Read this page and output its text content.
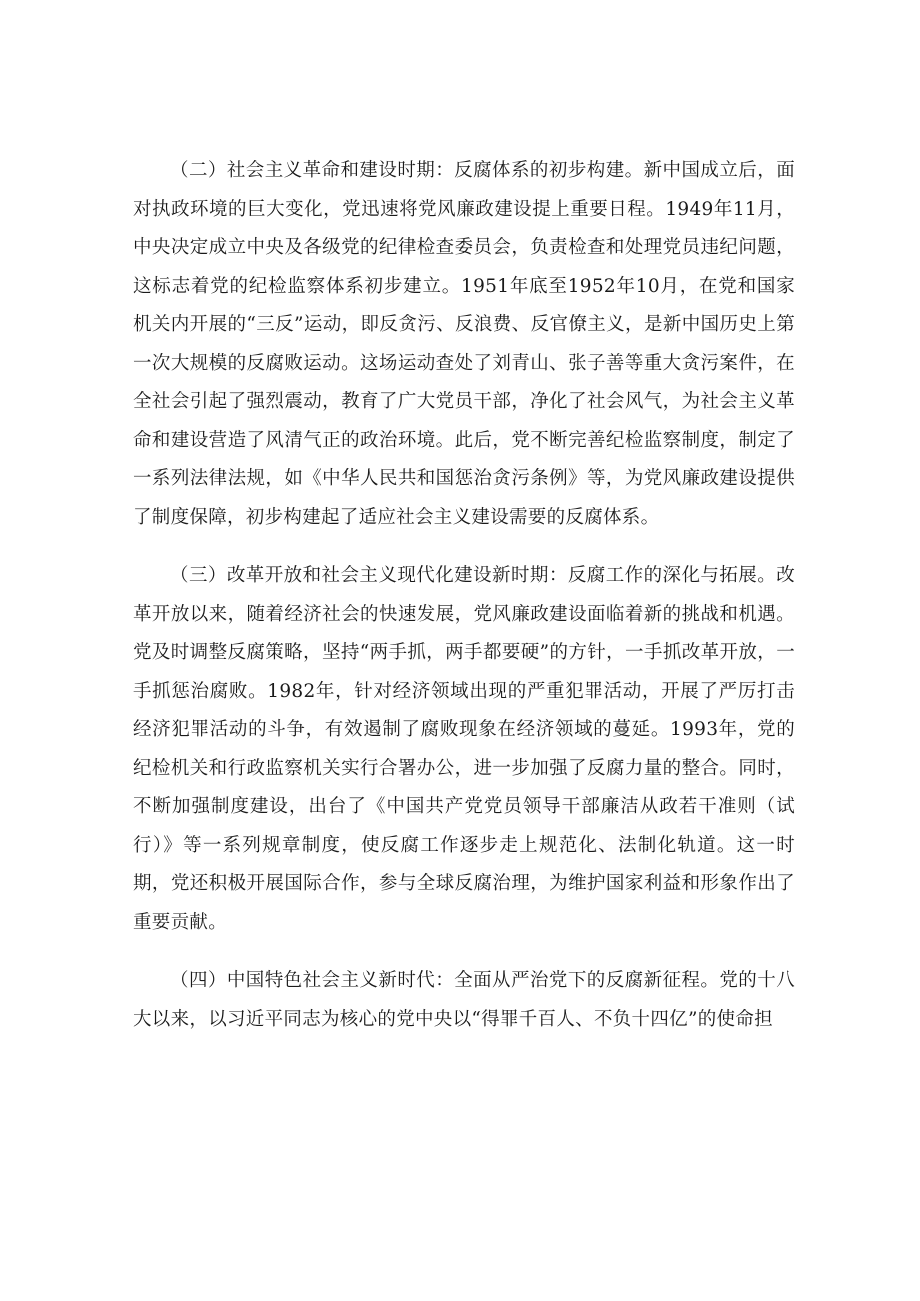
（二）社会主义革命和建设时期：反腐体系的初步构建。新中国成立后，面对执政环境的巨大变化，党迅速将党风廉政建设提上重要日程。1949年11月，中央决定成立中央及各级党的纪律检查委员会，负责检查和处理党员违纪问题，这标志着党的纪检监察体系初步建立。1951年底至1952年10月，在党和国家机关内开展的“三反”运动，即反贪污、反浪费、反官僚主义，是新中国历史上第一次大规模的反腐败运动。这场运动查处了刘青山、张子善等重大贪污案件，在全社会引起了强烈震动，教育了广大党员干部，净化了社会风气，为社会主义革命和建设营造了风清气正的政治环境。此后，党不断完善纪检监察制度，制定了一系列法律法规，如《中华人民共和国惩治贪污条例》等，为党风廉政建设提供了制度保障，初步构建起了适应社会主义建设需要的反腐体系。

（三）改革开放和社会主义现代化建设新时期：反腐工作的深化与拓展。改革开放以来，随着经济社会的快速发展，党风廉政建设面临着新的挑战和机遇。党及时调整反腐策略，坚持“两手抓，两手都要硬”的方针，一手抓改革开放，一手抓惩治腐败。1982年，针对经济领域出现的严重犯罪活动，开展了严厉打击经济犯罪活动的斗争，有效遏制了腐败现象在经济领域的蔓延。1993年，党的纪检机关和行政监察机关实行合署办公，进一步加强了反腐力量的整合。同时，不断加强制度建设，出台了《中国共产党党员领导干部廉洁从政若干准则（试行）》等一系列规章制度，使反腐工作逐步走上规范化、法制化轨道。这一时期，党还积极开展国际合作，参与全球反腐治理，为维护国家利益和形象作出了重要贡献。

（四）中国特色社会主义新时代：全面从严治党下的反腐新征程。党的十八大以来，以习近平同志为核心的党中央以“得罪千百人、不负十四亿”的使命担
